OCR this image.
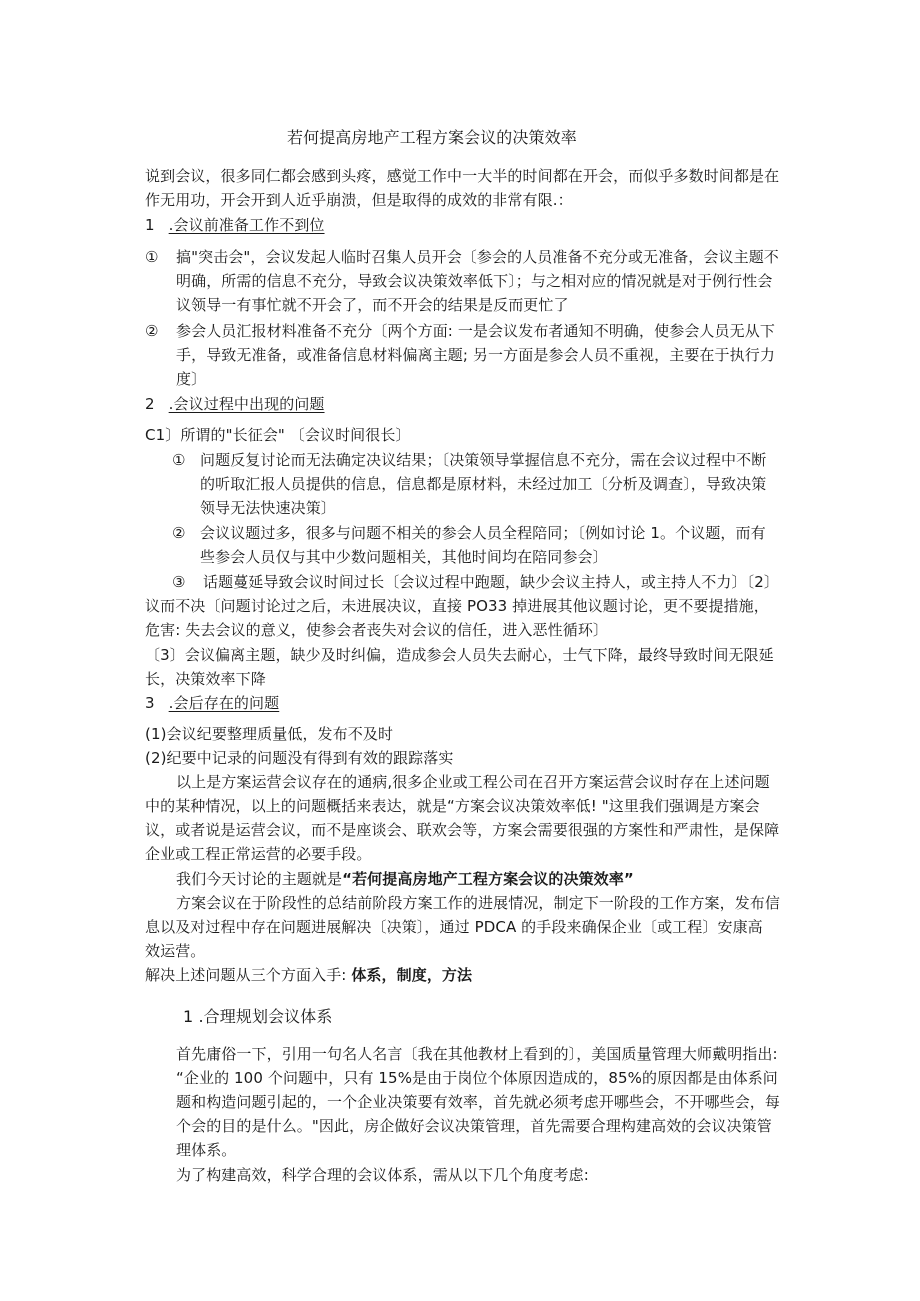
若何提高房地产工程方案会议的决策效率
说到会议，很多同仁都会感到头疼，感觉工作中一大半的时间都在开会，而似乎多数时间都是在
作无用功，开会开到人近乎崩溃，但是取得的成效的非常有限.：
1 .会议前准备工作不到位
① 搞"突击会"，会议发起人临时召集人员开会〔参会的人员准备不充分或无准备，会议主题不
明确，所需的信息不充分，导致会议决策效率低下〕；与之相对应的情况就是对于例行性会
议领导一有事忙就不开会了，而不开会的结果是反而更忙了
② 参会人员汇报材料准备不充分〔两个方面: 一是会议发布者通知不明确，使参会人员无从下
手，导致无准备，或准备信息材料偏离主题; 另一方面是参会人员不重视，主要在于执行力
度〕
2 .会议过程中出现的问题
C1〕所谓的"长征会" 〔会议时间很长〕
① 问题反复讨论而无法确定决议结果；〔决策领导掌握信息不充分，需在会议过程中不断
的听取汇报人员提供的信息，信息都是原材料，未经过加工〔分析及调查〕，导致决策
领导无法快速决策〕
② 会议议题过多，很多与问题不相关的参会人员全程陪同；〔例如讨论 1。个议题，而有
些参会人员仅与其中少数问题相关，其他时间均在陪同参会〕
③ 话题蔓延导致会议时间过长〔会议过程中跑题，缺少会议主持人，或主持人不力〕〔2〕
议而不决〔问题讨论过之后，未进展决议，直接 PO33 掉进展其他议题讨论，更不要提措施，
危害: 失去会议的意义，使参会者丧失对会议的信任，进入恶性循环〕
〔3〕会议偏离主题，缺少及时纠偏，造成参会人员失去耐心，士气下降，最终导致时间无限延
长，决策效率下降
3 .会后存在的问题
(1)会议纪要整理质量低，发布不及时
(2)纪要中记录的问题没有得到有效的跟踪落实
以上是方案运营会议存在的通病,很多企业或工程公司在召开方案运营会议时存在上述问题
中的某种情况，以上的问题概括来表达，就是“方案会议决策效率低! "这里我们强调是方案会
议，或者说是运营会议，而不是座谈会、联欢会等，方案会需要很强的方案性和严肃性，是保障
企业或工程正常运营的必要手段。
我们今天讨论的主题就是“若何提高房地产工程方案会议的决策效率”
方案会议在于阶段性的总结前阶段方案工作的进展情况，制定下一阶段的工作方案，发布信
息以及对过程中存在问题进展解决〔决策〕，通过 PDCA 的手段来确保企业〔或工程〕安康高
效运营。
解决上述问题从三个方面入手: 体系，制度，方法
1 .合理规划会议体系
首先庸俗一下，引用一句名人名言〔我在其他教材上看到的〕，美国质量管理大师戴明指出:
“企业的 100 个问题中，只有 15%是由于岗位个体原因造成的，85%的原因都是由体系问
题和构造问题引起的，一个企业决策要有效率，首先就必须考虑开哪些会，不开哪些会，每
个会的目的是什么。"因此，房企做好会议决策管理，首先需要合理构建高效的会议决策管
理体系。
为了构建高效，科学合理的会议体系，需从以下几个角度考虑:
